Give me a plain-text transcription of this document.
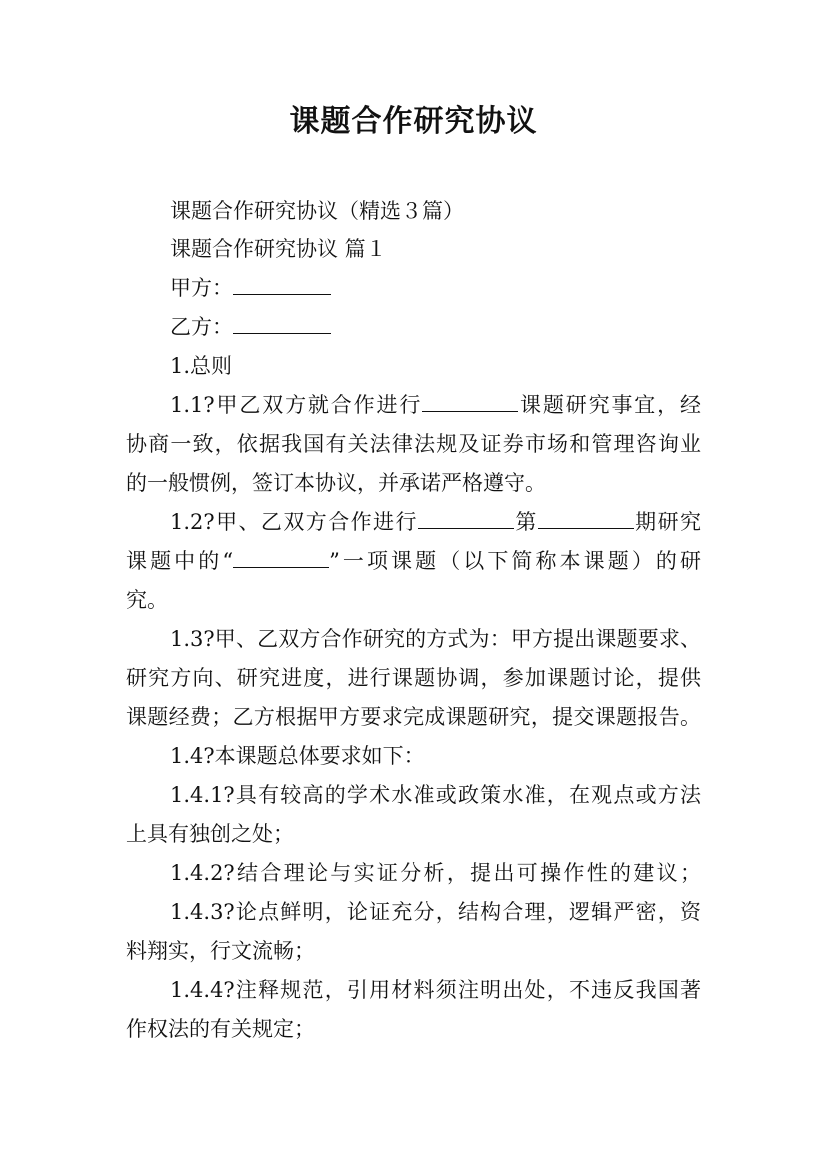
课题合作研究协议
课题合作研究协议（精选３篇）
课题合作研究协议 篇１
甲方：
乙方：
1.总则
1.1?甲乙双方就合作进行	课题研究事宜，经
协商一致，依据我国有关法律法规及证券市场和管理咨询业
的一般惯例，签订本协议，并承诺严格遵守。
1.2?甲、乙双方合作进行	第	期研究
课题中的“	”一项课题（以下简称本课题）的研
究。
1.3?甲、乙双方合作研究的方式为：甲方提出课题要求、
研究方向、研究进度，进行课题协调，参加课题讨论，提供
课题经费；乙方根据甲方要求完成课题研究，提交课题报告。
1.4?本课题总体要求如下：
1.4.1?具有较高的学术水准或政策水准，在观点或方法
上具有独创之处；
1.4.2?结合理论与实证分析，提出可操作性的建议；
1.4.3?论点鲜明，论证充分，结构合理，逻辑严密，资
料翔实，行文流畅；
1.4.4?注释规范，引用材料须注明出处，不违反我国著
作权法的有关规定；
